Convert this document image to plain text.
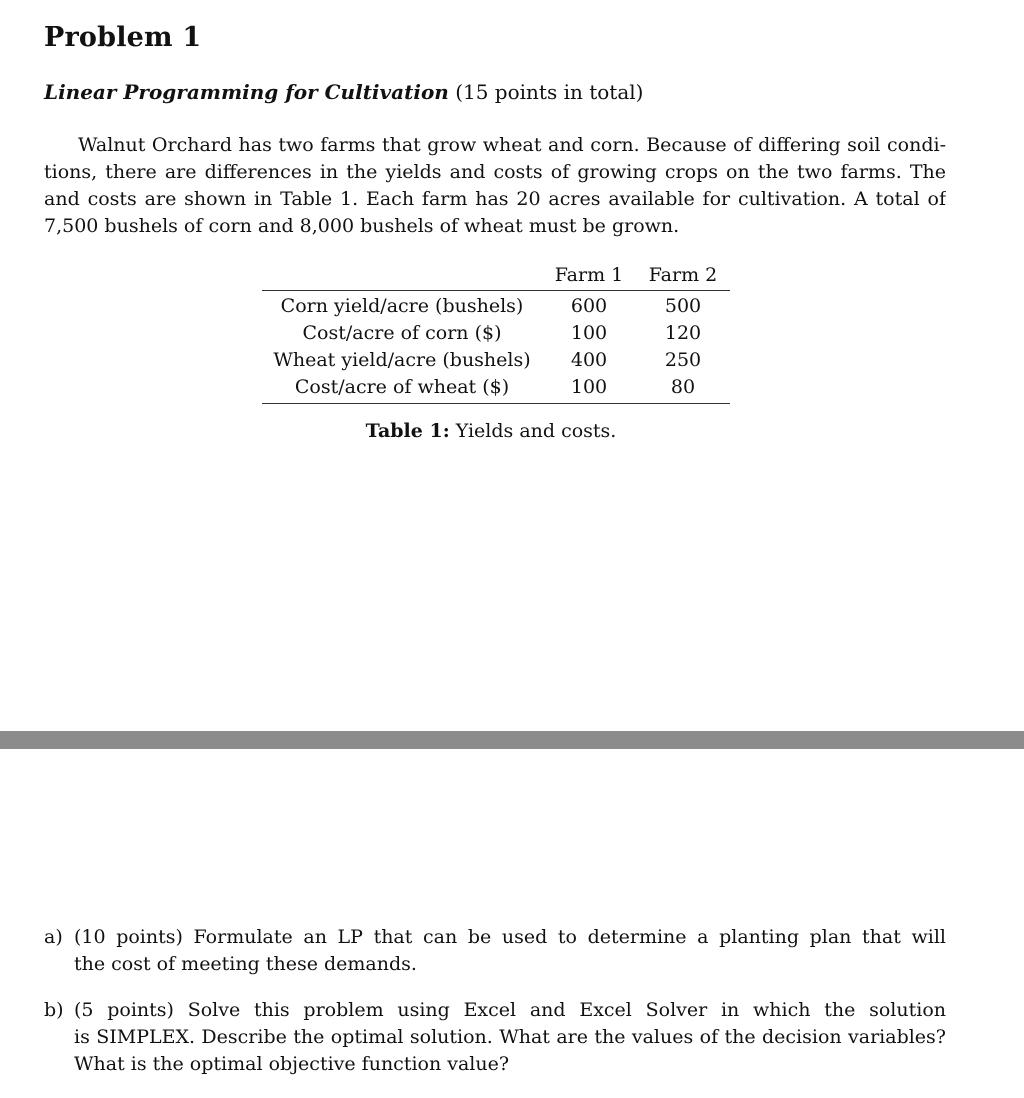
Problem 1
Linear Programming for Cultivation (15 points in total)
Walnut Orchard has two farms that grow wheat and corn. Because of differing soil condi-
tions, there are differences in the yields and costs of growing crops on the two farms. The
and costs are shown in Table 1. Each farm has 20 acres available for cultivation. A total of
7,500 bushels of corn and 8,000 bushels of wheat must be grown.
	Farm 1	Farm 2
Corn yield/acre (bushels)	600	500
Cost/acre of corn ($)	100	120
Wheat yield/acre (bushels)	400	250
Cost/acre of wheat ($)	100	80
Table 1: Yields and costs.
a) (10 points) Formulate an LP that can be used to determine a planting plan that will
the cost of meeting these demands.
b) (5 points) Solve this problem using Excel and Excel Solver in which the solution
is SIMPLEX. Describe the optimal solution. What are the values of the decision variables?
What is the optimal objective function value?
